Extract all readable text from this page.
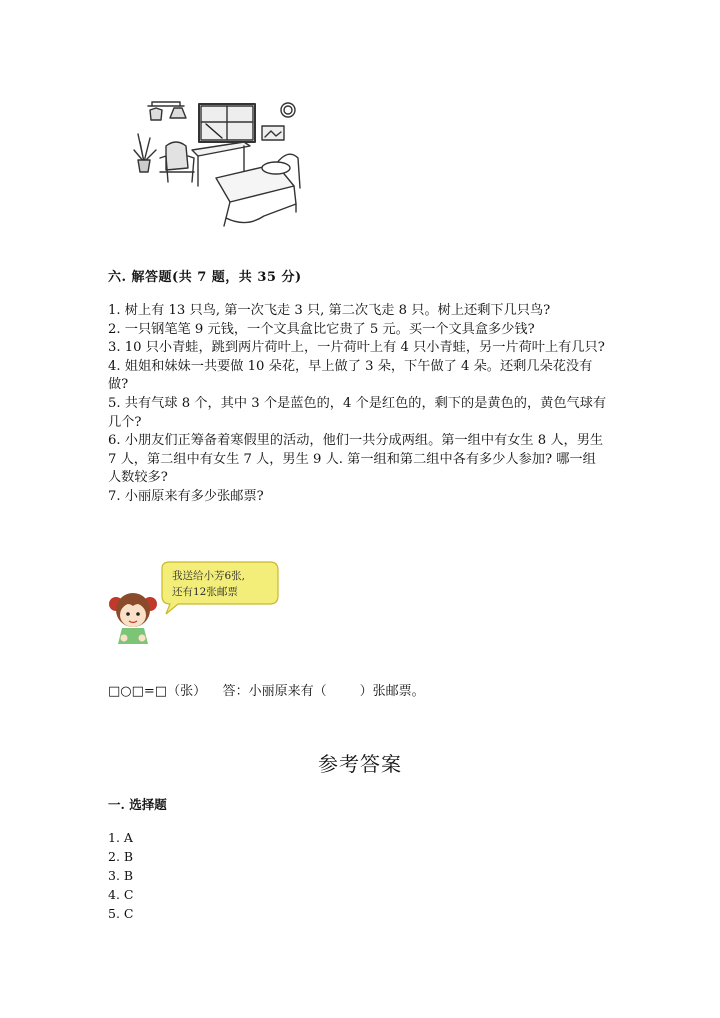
六. 解答题(共 7 题，共 35 分)

1. 树上有 13 只鸟, 第一次飞走 3 只, 第二次飞走 8 只。树上还剩下几只鸟?

2. 一只钢笔笔 9 元钱，一个文具盒比它贵了 5 元。买一个文具盒多少钱?

3. 10 只小青蛙，跳到两片荷叶上，一片荷叶上有 4 只小青蛙，另一片荷叶上有几只?

4. 姐姐和妹妹一共要做 10 朵花，早上做了 3 朵，下午做了 4 朵。还剩几朵花没有做?

5. 共有气球 8 个，其中 3 个是蓝色的，4 个是红色的，剩下的是黄色的，黄色气球有几个?

6. 小朋友们正筹备着寒假里的活动，他们一共分成两组。第一组中有女生 8 人，男生 7 人，第二组中有女生 7 人，男生 9 人. 第一组和第二组中各有多少人参加? 哪一组人数较多?

7. 小丽原来有多少张邮票?

我送给小芳6张,
还有12张邮票
□○□=□（张）    答：小丽原来有（        ）张邮票。
参考答案
一. 选择题

1. A

2. B

3. B

4. C

5. C
